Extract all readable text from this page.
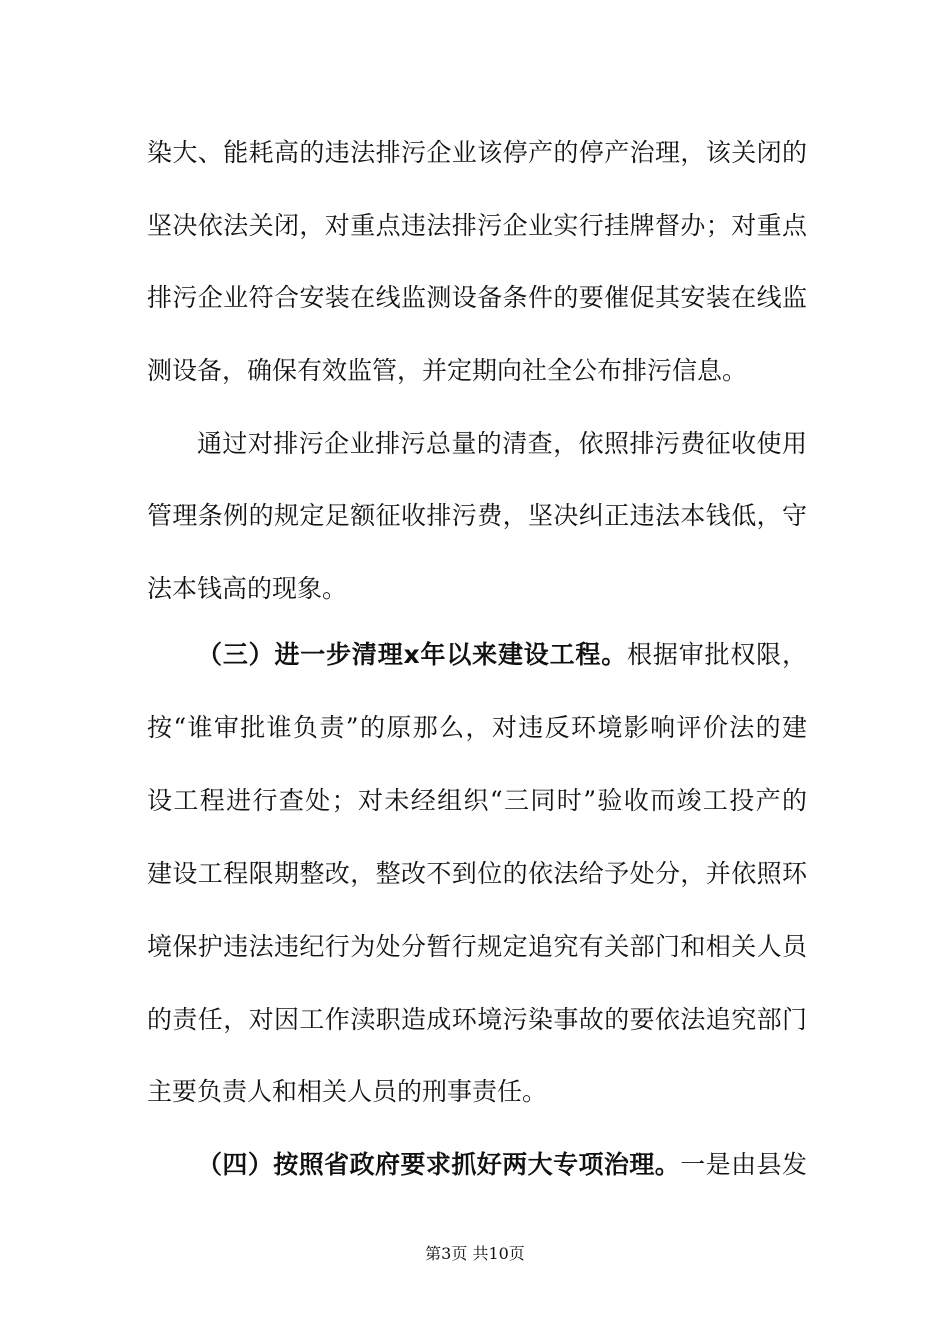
染大、能耗高的违法排污企业该停产的停产治理，该关闭的
坚决依法关闭，对重点违法排污企业实行挂牌督办；对重点
排污企业符合安装在线监测设备条件的要催促其安装在线监
测设备，确保有效监管，并定期向社全公布排污信息。
通过对排污企业排污总量的清查，依照排污费征收使用
管理条例的规定足额征收排污费，坚决纠正违法本钱低，守
法本钱高的现象。
（三）进一步清理x年以来建设工程。根据审批权限，
按“谁审批谁负责”的原那么，对违反环境影响评价法的建
设工程进行查处；对未经组织“三同时”验收而竣工投产的
建设工程限期整改，整改不到位的依法给予处分，并依照环
境保护违法违纪行为处分暂行规定追究有关部门和相关人员
的责任，对因工作渎职造成环境污染事故的要依法追究部门
主要负责人和相关人员的刑事责任。
（四）按照省政府要求抓好两大专项治理。一是由县发
第3页 共10页
